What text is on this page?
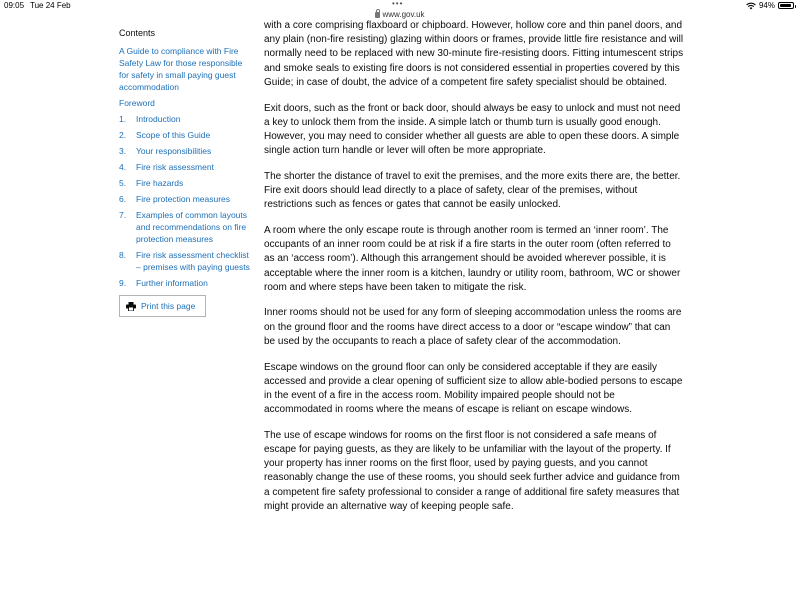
09:05 Tue 24 Feb	•••	94%
www.gov.uk
Contents
A Guide to compliance with Fire Safety Law for those responsible for safety in small paying guest accommodation
Foreword
1.	Introduction
2.	Scope of this Guide
3.	Your responsibilities
4.	Fire risk assessment
5.	Fire hazards
6.	Fire protection measures
7.	Examples of common layouts and recommendations on fire protection measures
8.	Fire risk assessment checklist – premises with paying guests
9.	Further information
Print this page

with a core comprising flaxboard or chipboard. However, hollow core and thin panel doors, and any plain (non-fire resisting) glazing within doors or frames, provide little fire resistance and will normally need to be replaced with new 30-minute fire-resisting doors. Fitting intumescent strips and smoke seals to existing fire doors is not considered essential in properties covered by this Guide; in case of doubt, the advice of a competent fire safety specialist should be obtained.

Exit doors, such as the front or back door, should always be easy to unlock and must not need a key to unlock them from the inside. A simple latch or thumb turn is usually good enough. However, you may need to consider whether all guests are able to open these doors. A simple single action turn handle or lever will often be more appropriate.

The shorter the distance of travel to exit the premises, and the more exits there are, the better. Fire exit doors should lead directly to a place of safety, clear of the premises, without restrictions such as fences or gates that cannot be easily unlocked.

A room where the only escape route is through another room is termed an ‘inner room’. The occupants of an inner room could be at risk if a fire starts in the outer room (often referred to as an ‘access room’). Although this arrangement should be avoided wherever possible, it is acceptable where the inner room is a kitchen, laundry or utility room, bathroom, WC or shower room and where steps have been taken to mitigate the risk.

Inner rooms should not be used for any form of sleeping accommodation unless the rooms are on the ground floor and the rooms have direct access to a door or “escape window” that can be used by the occupants to reach a place of safety clear of the accommodation.

Escape windows on the ground floor can only be considered acceptable if they are easily accessed and provide a clear opening of sufficient size to allow able-bodied persons to escape in the event of a fire in the access room. Mobility impaired people should not be accommodated in rooms where the means of escape is reliant on escape windows.

The use of escape windows for rooms on the first floor is not considered a safe means of escape for paying guests, as they are likely to be unfamiliar with the layout of the property. If your property has inner rooms on the first floor, used by paying guests, and you cannot reasonably change the use of these rooms, you should seek further advice and guidance from a competent fire safety professional to consider a range of additional fire safety measures that might provide an alternative way of keeping people safe.
